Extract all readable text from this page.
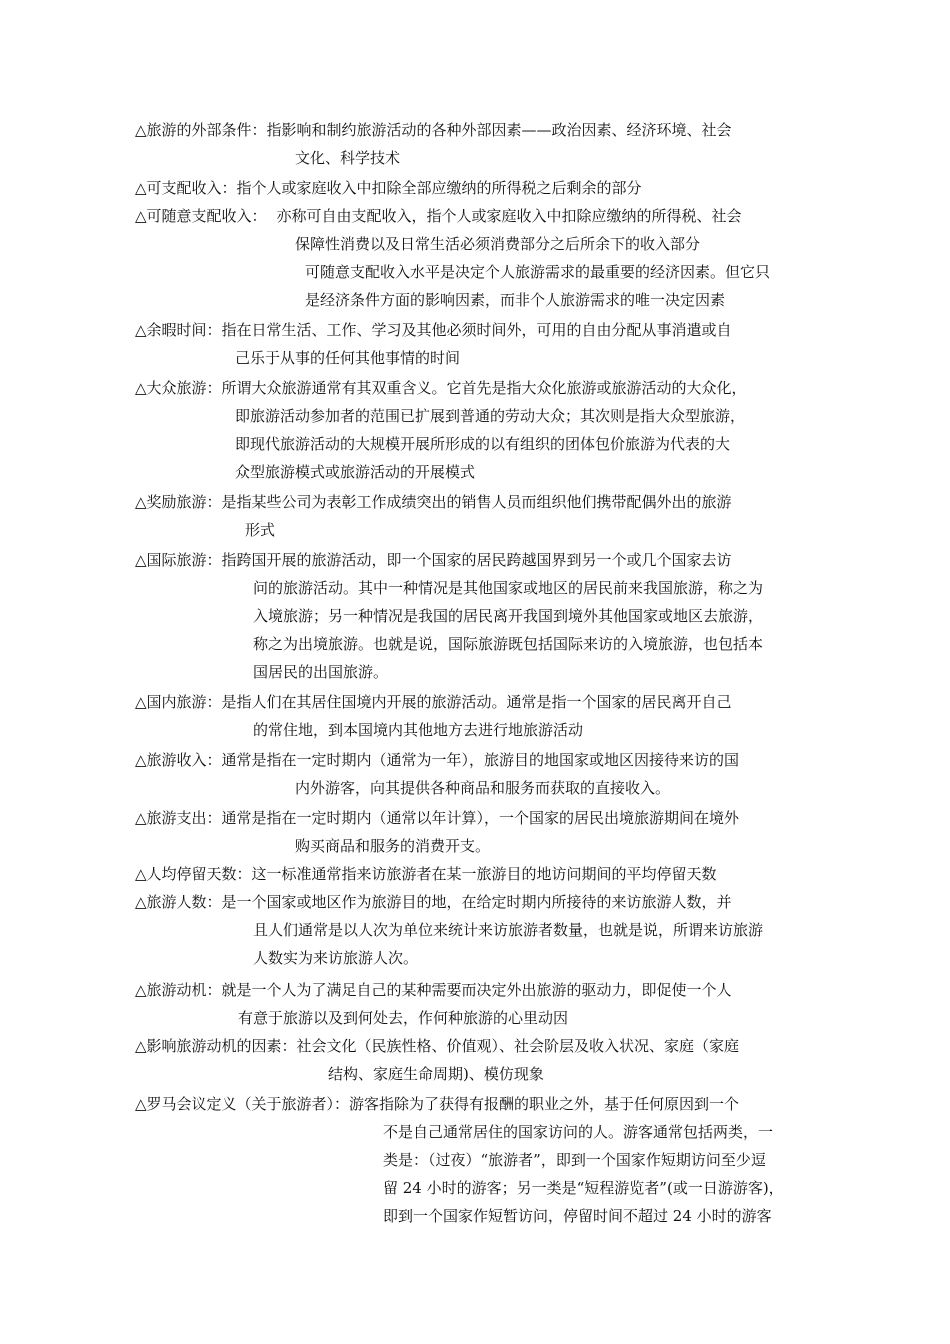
△旅游的外部条件：指影响和制约旅游活动的各种外部因素——政治因素、经济环境、社会
文化、科学技术
△可支配收入：指个人或家庭收入中扣除全部应缴纳的所得税之后剩余的部分
△可随意支配收入： 亦称可自由支配收入，指个人或家庭收入中扣除应缴纳的所得税、社会
保障性消费以及日常生活必须消费部分之后所余下的收入部分
可随意支配收入水平是决定个人旅游需求的最重要的经济因素。但它只
是经济条件方面的影响因素，而非个人旅游需求的唯一决定因素
△余暇时间：指在日常生活、工作、学习及其他必须时间外，可用的自由分配从事消遣或自
己乐于从事的任何其他事情的时间
△大众旅游：所谓大众旅游通常有其双重含义。它首先是指大众化旅游或旅游活动的大众化，
即旅游活动参加者的范围已扩展到普通的劳动大众；其次则是指大众型旅游，
即现代旅游活动的大规模开展所形成的以有组织的团体包价旅游为代表的大
众型旅游模式或旅游活动的开展模式
△奖励旅游：是指某些公司为表彰工作成绩突出的销售人员而组织他们携带配偶外出的旅游
形式
△国际旅游：指跨国开展的旅游活动，即一个国家的居民跨越国界到另一个或几个国家去访
问的旅游活动。其中一种情况是其他国家或地区的居民前来我国旅游，称之为
入境旅游；另一种情况是我国的居民离开我国到境外其他国家或地区去旅游，
称之为出境旅游。也就是说，国际旅游既包括国际来访的入境旅游，也包括本
国居民的出国旅游。
△国内旅游：是指人们在其居住国境内开展的旅游活动。通常是指一个国家的居民离开自己
的常住地，到本国境内其他地方去进行地旅游活动
△旅游收入：通常是指在一定时期内（通常为一年），旅游目的地国家或地区因接待来访的国
内外游客，向其提供各种商品和服务而获取的直接收入。
△旅游支出：通常是指在一定时期内（通常以年计算），一个国家的居民出境旅游期间在境外
购买商品和服务的消费开支。
△人均停留天数：这一标准通常指来访旅游者在某一旅游目的地访问期间的平均停留天数
△旅游人数：是一个国家或地区作为旅游目的地，在给定时期内所接待的来访旅游人数，并
且人们通常是以人次为单位来统计来访旅游者数量，也就是说，所谓来访旅游
人数实为来访旅游人次。
△旅游动机：就是一个人为了满足自己的某种需要而决定外出旅游的驱动力，即促使一个人
有意于旅游以及到何处去，作何种旅游的心里动因
△影响旅游动机的因素：社会文化（民族性格、价值观）、社会阶层及收入状况、家庭（家庭
结构、家庭生命周期)、模仿现象
△罗马会议定义（关于旅游者）：游客指除为了获得有报酬的职业之外，基于任何原因到一个
不是自己通常居住的国家访问的人。游客通常包括两类，一
类是：（过夜）“旅游者”，即到一个国家作短期访问至少逗
留 24 小时的游客；另一类是“短程游览者”(或一日游游客)，
即到一个国家作短暂访问，停留时间不超过 24 小时的游客
